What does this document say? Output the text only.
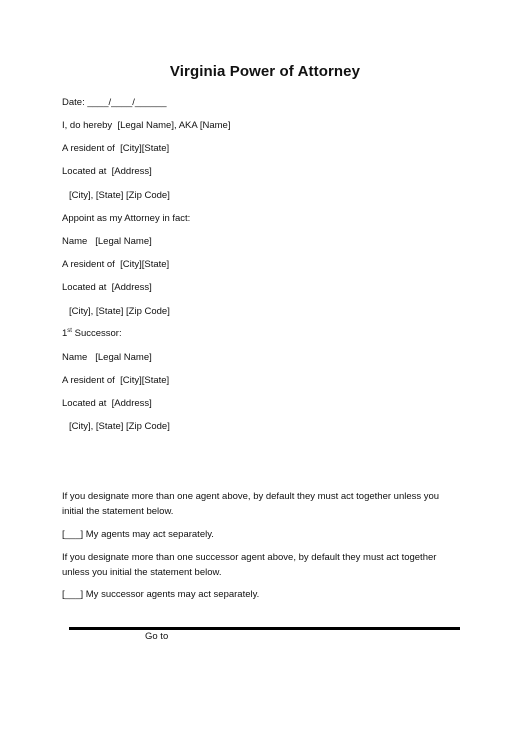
Virginia Power of Attorney
Date: ____/____/______
I, do hereby  [Legal Name], AKA [Name]
A resident of  [City][State]
Located at  [Address]
[City], [State] [Zip Code]
Appoint as my Attorney in fact:
Name   [Legal Name]
A resident of  [City][State]
Located at  [Address]
[City], [State] [Zip Code]
1st Successor:
Name   [Legal Name]
A resident of  [City][State]
Located at  [Address]
[City], [State] [Zip Code]
If you designate more than one agent above, by default they must act together unless you initial the statement below.
[___] My agents may act separately.
If you designate more than one successor agent above, by default they must act together unless you initial the statement below.
[___] My successor agents may act separately.
Go to
